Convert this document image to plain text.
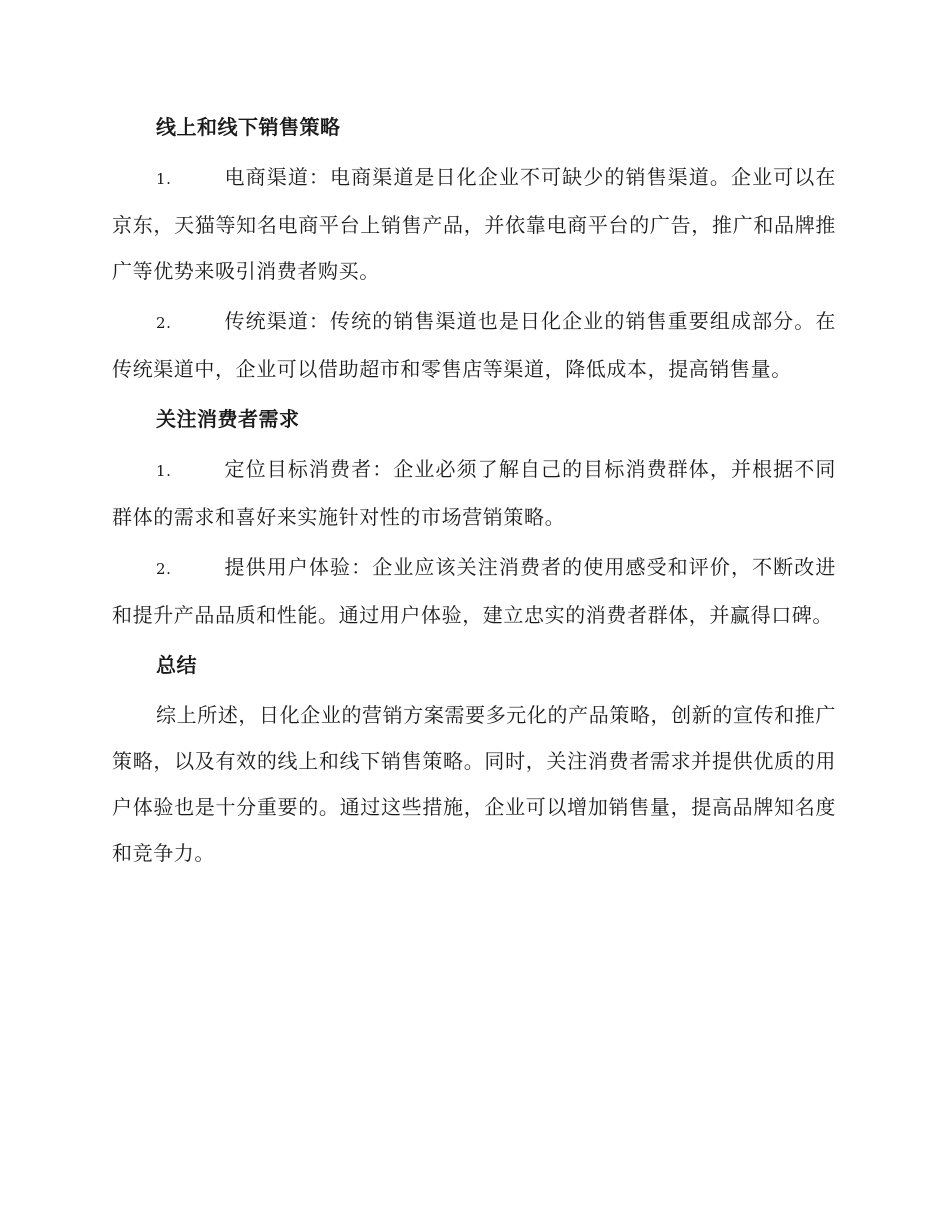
线上和线下销售策略
1.	电商渠道：电商渠道是日化企业不可缺少的销售渠道。企业可以在京东，天猫等知名电商平台上销售产品，并依靠电商平台的广告，推广和品牌推广等优势来吸引消费者购买。
2.	传统渠道：传统的销售渠道也是日化企业的销售重要组成部分。在传统渠道中，企业可以借助超市和零售店等渠道，降低成本，提高销售量。
关注消费者需求
1.	定位目标消费者：企业必须了解自己的目标消费群体，并根据不同群体的需求和喜好来实施针对性的市场营销策略。
2.	提供用户体验：企业应该关注消费者的使用感受和评价，不断改进和提升产品品质和性能。通过用户体验，建立忠实的消费者群体，并赢得口碑。
总结
综上所述，日化企业的营销方案需要多元化的产品策略，创新的宣传和推广策略，以及有效的线上和线下销售策略。同时，关注消费者需求并提供优质的用户体验也是十分重要的。通过这些措施，企业可以增加销售量，提高品牌知名度和竞争力。
